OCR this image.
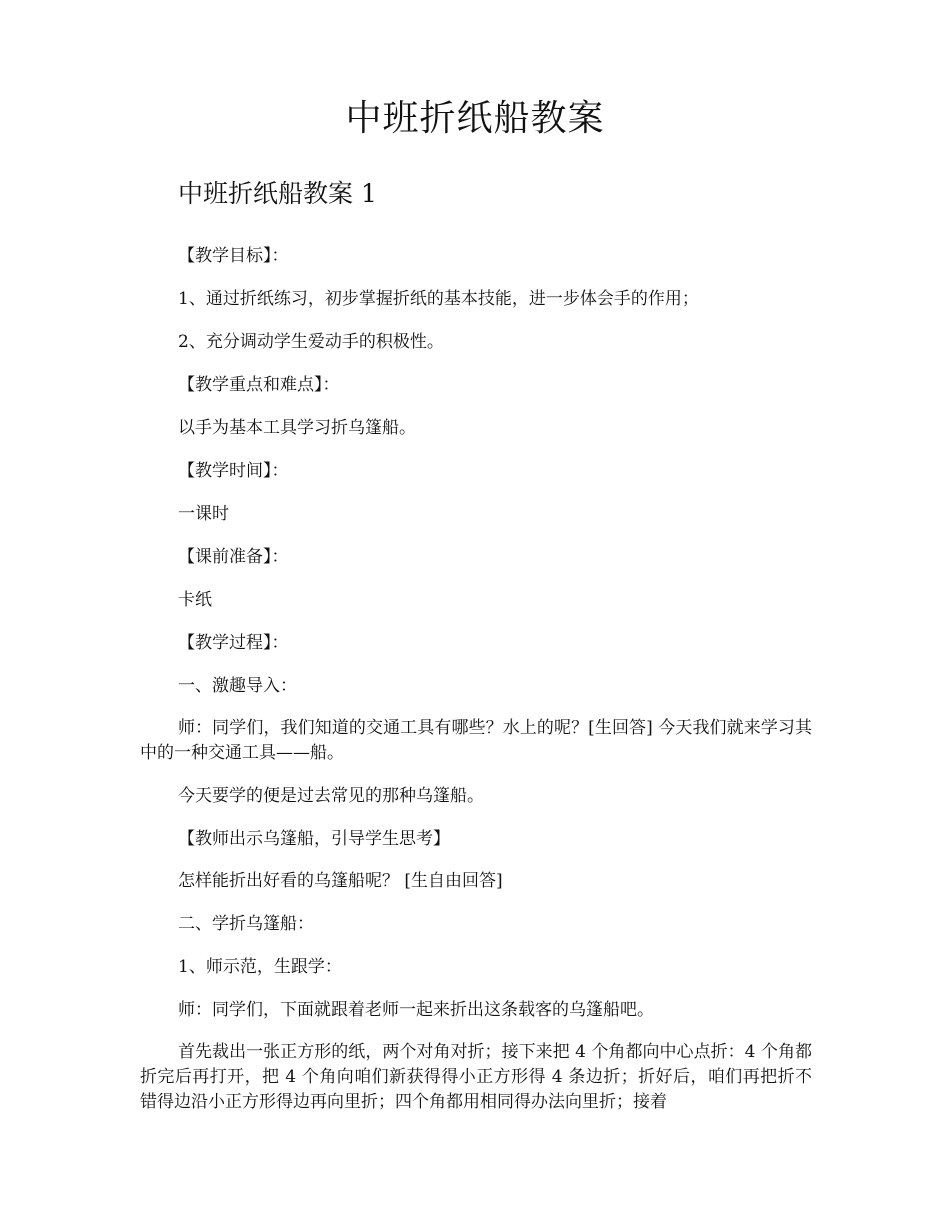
中班折纸船教案
中班折纸船教案 1

【教学目标】：

1、通过折纸练习，初步掌握折纸的基本技能，进一步体会手的作用；

2、充分调动学生爱动手的积极性。

【教学重点和难点】：

以手为基本工具学习折乌篷船。

【教学时间】：

一课时

【课前准备】：

卡纸

【教学过程】：

一、激趣导入：

师：同学们，我们知道的交通工具有哪些？水上的呢？[生回答] 今天我们就来学习其中的一种交通工具——船。

今天要学的便是过去常见的那种乌篷船。

【教师出示乌篷船，引导学生思考】

怎样能折出好看的乌篷船呢？ [生自由回答]

二、学折乌篷船：

1、师示范，生跟学：

师：同学们，下面就跟着老师一起来折出这条载客的乌篷船吧。

首先裁出一张正方形的纸，两个对角对折；接下来把 4 个角都向中心点折：4 个角都折完后再打开，把 4 个角向咱们新获得得小正方形得 4 条边折；折好后，咱们再把折不错得边沿小正方形得边再向里折；四个角都用相同得办法向里折；接着
